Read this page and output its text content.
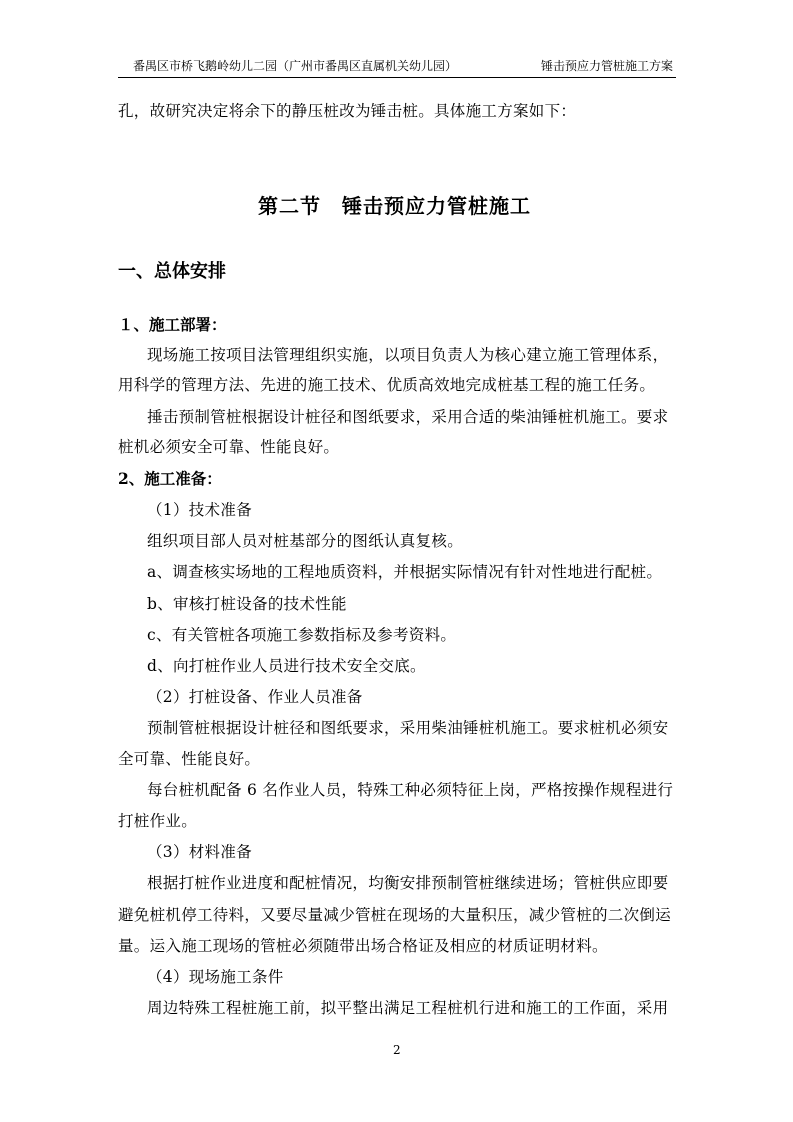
番禺区市桥飞鹅岭幼儿二园（广州市番禺区直属机关幼儿园）	锤击预应力管桩施工方案
孔，故研究决定将余下的静压桩改为锤击桩。具体施工方案如下：
第二节　锤击预应力管桩施工
一、总体安排
１、施工部署：
现场施工按项目法管理组织实施，以项目负责人为核心建立施工管理体系，
用科学的管理方法、先进的施工技术、优质高效地完成桩基工程的施工任务。
捶击预制管桩根据设计桩径和图纸要求，采用合适的柴油锤桩机施工。要求
桩机必须安全可靠、性能良好。
2、施工准备：
（1）技术准备
组织项目部人员对桩基部分的图纸认真复核。
a、调查核实场地的工程地质资料，并根据实际情况有针对性地进行配桩。
b、审核打桩设备的技术性能
c、有关管桩各项施工参数指标及参考资料。
d、向打桩作业人员进行技术安全交底。
（2）打桩设备、作业人员准备
预制管桩根据设计桩径和图纸要求，采用柴油锤桩机施工。要求桩机必须安
全可靠、性能良好。
每台桩机配备 6 名作业人员，特殊工种必须特征上岗，严格按操作规程进行
打桩作业。
（3）材料准备
根据打桩作业进度和配桩情况，均衡安排预制管桩继续进场；管桩供应即要
避免桩机停工待料，又要尽量减少管桩在现场的大量积压，减少管桩的二次倒运
量。运入施工现场的管桩必须随带出场合格证及相应的材质证明材料。
（4）现场施工条件
周边特殊工程桩施工前，拟平整出满足工程桩机行进和施工的工作面，采用
2
